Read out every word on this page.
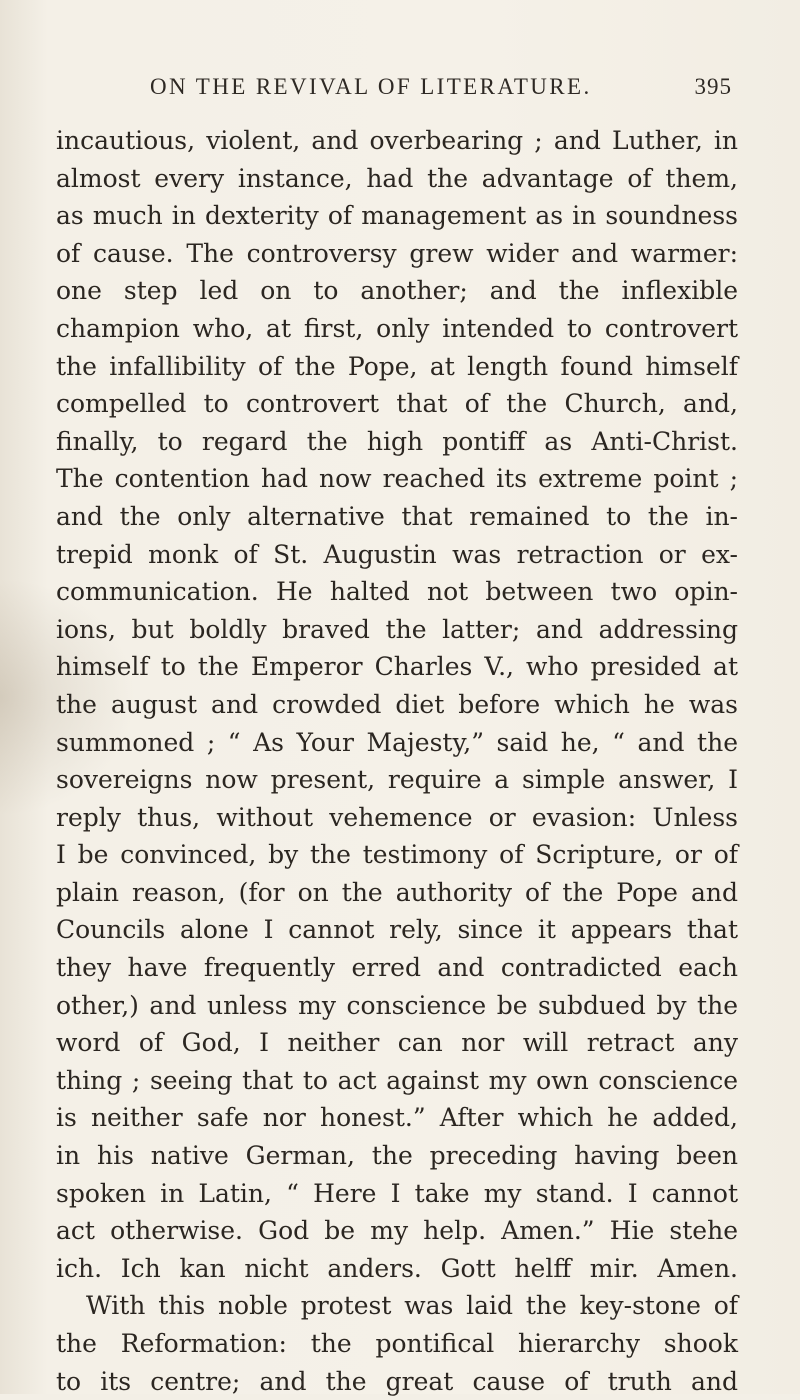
ON THE REVIVAL OF LITERATURE.	395
incautious, violent, and overbearing ; and Luther, in
almost every instance, had the advantage of them,
as much in dexterity of management as in soundness
of cause. The controversy grew wider and warmer:
one step led on to another; and the inflexible
champion who, at first, only intended to controvert
the infallibility of the Pope, at length found himself
compelled to controvert that of the Church, and,
finally, to regard the high pontiff as Anti-Christ.
The contention had now reached its extreme point ;
and the only alternative that remained to the in-
trepid monk of St. Augustin was retraction or ex-
communication. He halted not between two opin-
ions, but boldly braved the latter; and addressing
himself to the Emperor Charles V., who presided at
the august and crowded diet before which he was
summoned ; “ As Your Majesty,” said he, “ and the
sovereigns now present, require a simple answer, I
reply thus, without vehemence or evasion: Unless
I be convinced, by the testimony of Scripture, or of
plain reason, (for on the authority of the Pope and
Councils alone I cannot rely, since it appears that
they have frequently erred and contradicted each
other,) and unless my conscience be subdued by the
word of God, I neither can nor will retract any
thing ; seeing that to act against my own conscience
is neither safe nor honest.” After which he added,
in his native German, the preceding having been
spoken in Latin, “ Here I take my stand. I cannot
act otherwise. God be my help. Amen.” Hie stehe
ich. Ich kan nicht anders. Gott helff mir. Amen.
With this noble protest was laid the key-stone of
the Reformation: the pontifical hierarchy shook
to its centre; and the great cause of truth and
